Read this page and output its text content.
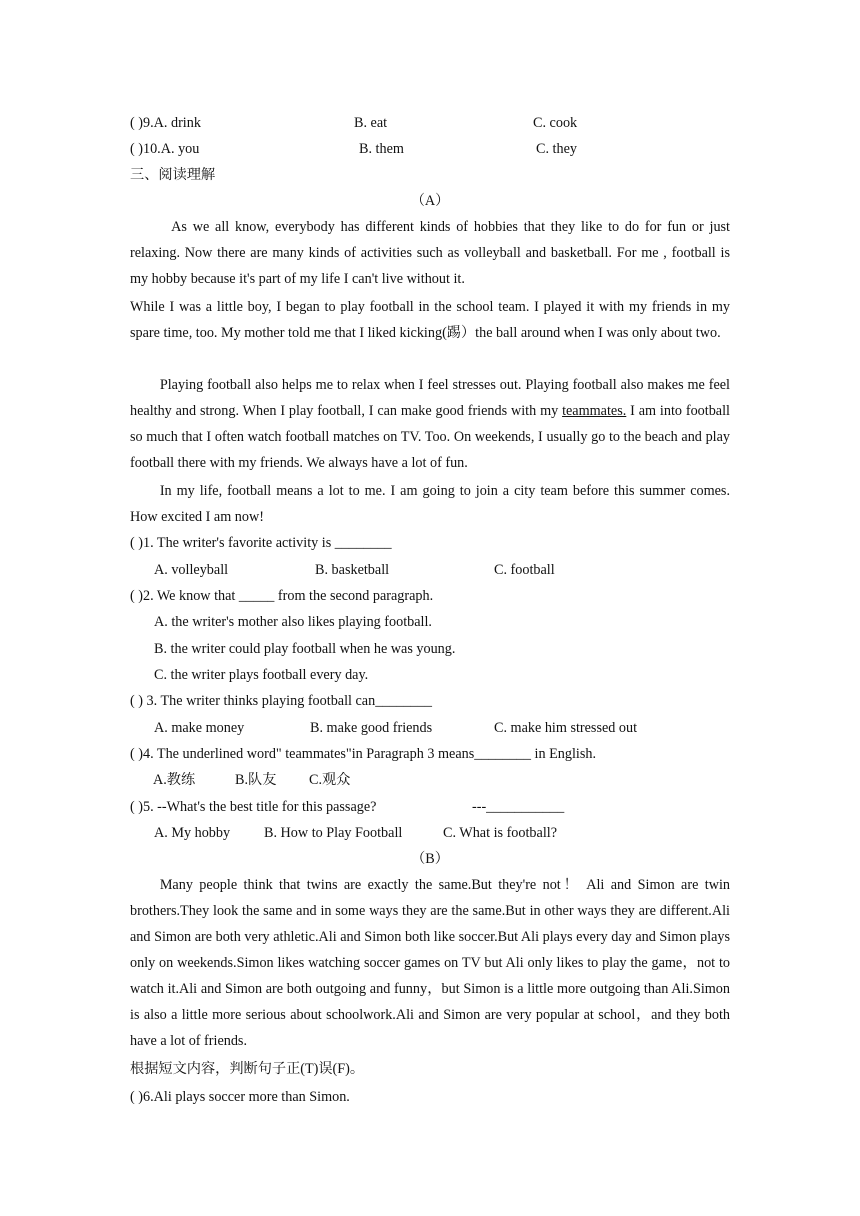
( )9.A. drink	B. eat	C. cook
( )10.A. you	B. them	C. they
三、阅读理解
（A）
As we all know, everybody has different kinds of hobbies that they like to do for fun or just relaxing. Now there are many kinds of activities such as volleyball and basketball. For me , football is my hobby because it's part of my life I can't live without it.
While I was a little boy, I began to play football in the school team. I played it with my friends in my spare time, too. My mother told me that I liked kicking(踢）the ball around when I was only about two.
Playing football also helps me to relax when I feel stresses out. Playing football also makes me feel healthy and strong. When I play football, I can make good friends with my teammates. I am into football so much that I often watch football matches on TV. Too. On weekends, I usually go to the beach and play football there with my friends. We always have a lot of fun.
In my life, football means a lot to me. I am going to join a city team before this summer comes. How excited I am now!
( )1. The writer's favorite activity is ________
A. volleyball	B. basketball	C. football
( )2. We know that _____ from the second paragraph.
A. the writer's mother also likes playing football.
B. the writer could play football when he was young.
C. the writer plays football every day.
( ) 3. The writer thinks playing football can________
A. make money	B. make good friends	C. make him stressed out
( )4. The underlined word" teammates"in Paragraph 3 means________ in English.
A.教练	B.队友 C.观众
( )5. --What's the best title for this passage?	---___________
A. My hobby B. How to Play Football	C. What is football?
（B）
Many people think that twins are exactly the same.But they're not！ Ali and Simon are twin brothers.They look the same and in some ways they are the same.But in other ways they are different.Ali and Simon are both very athletic.Ali and Simon both like soccer.But Ali plays every day and Simon plays only on weekends.Simon likes watching soccer games on TV but Ali only likes to play the game，not to watch it.Ali and Simon are both outgoing and funny，but Simon is a little more outgoing than Ali.Simon is also a little more serious about schoolwork.Ali and Simon are very popular at school，and they both have a lot of friends.
根据短文内容，判断句子正(T)误(F)。
( )6.Ali plays soccer more than Simon.
